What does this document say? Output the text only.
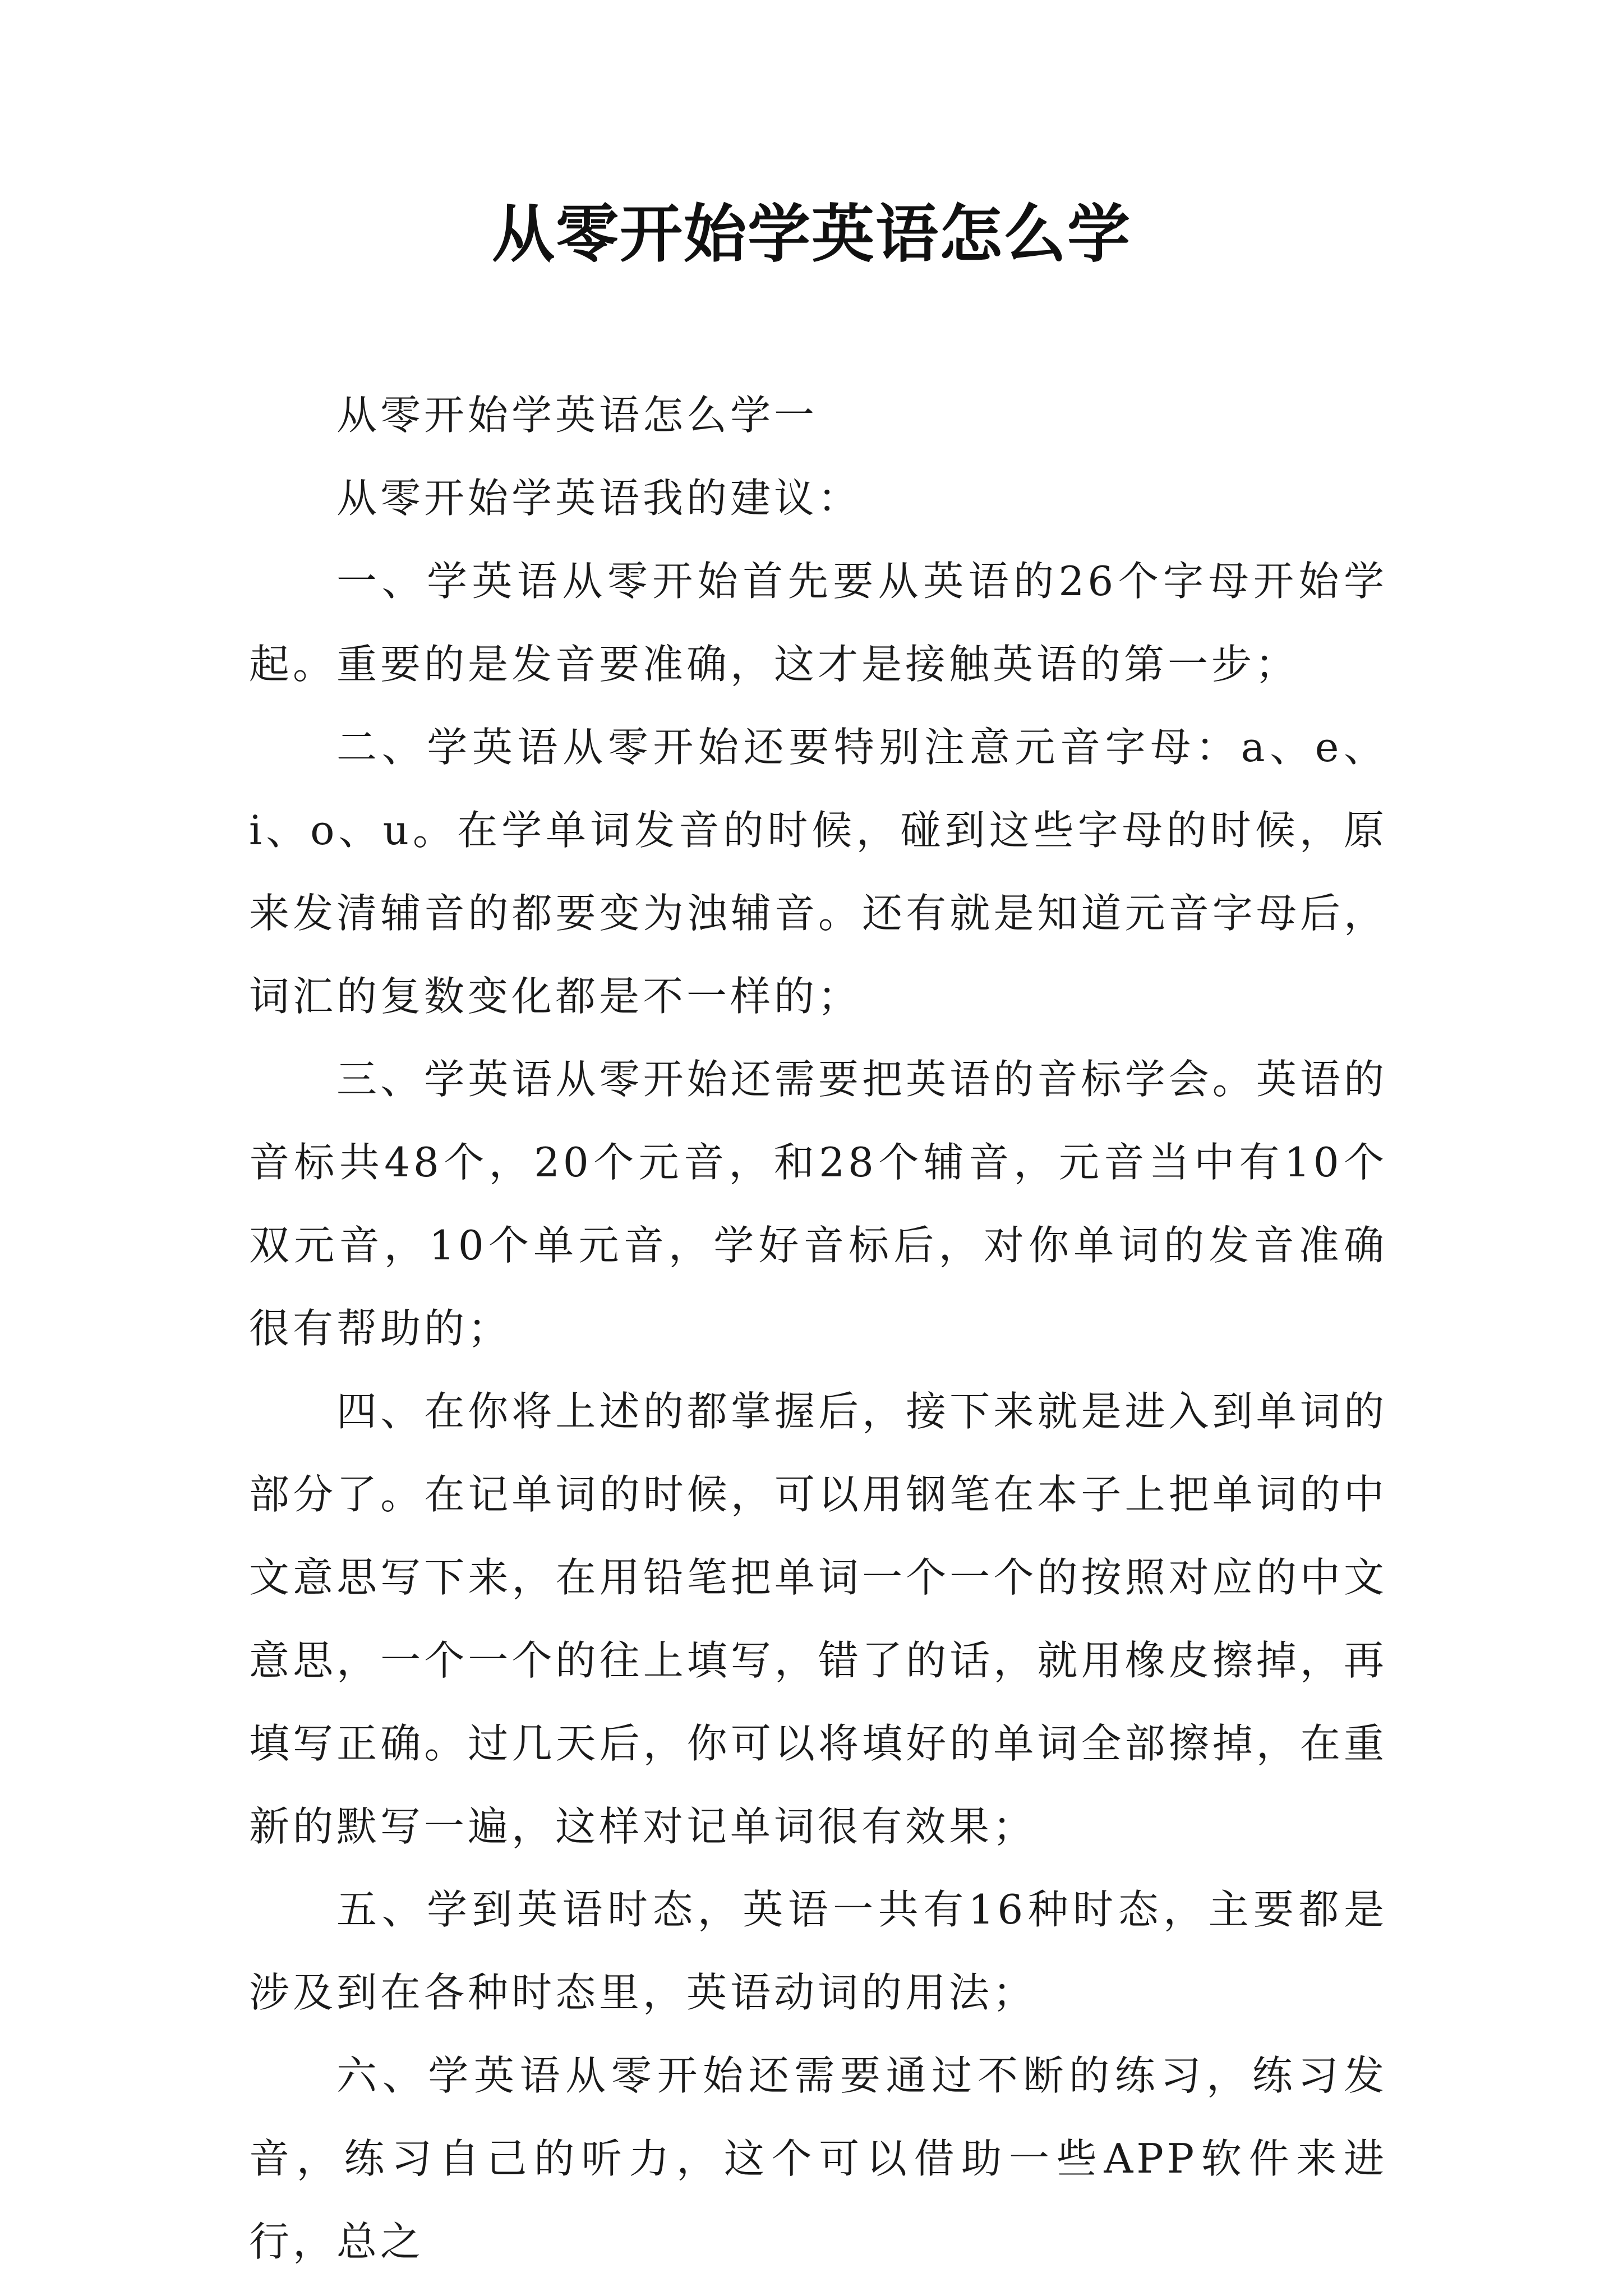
从零开始学英语怎么学

从零开始学英语怎么学一

从零开始学英语我的建议：

一、学英语从零开始首先要从英语的26个字母开始学起。重要的是发音要准确，这才是接触英语的第一步；

二、学英语从零开始还要特别注意元音字母：a、e、i、o、u。在学单词发音的时候，碰到这些字母的时候，原来发清辅音的都要变为浊辅音。还有就是知道元音字母后，词汇的复数变化都是不一样的；

三、学英语从零开始还需要把英语的音标学会。英语的音标共48个，20个元音，和28个辅音，元音当中有10个双元音，10个单元音，学好音标后，对你单词的发音准确很有帮助的；

四、在你将上述的都掌握后，接下来就是进入到单词的部分了。在记单词的时候，可以用钢笔在本子上把单词的中文意思写下来，在用铅笔把单词一个一个的按照对应的中文意思，一个一个的往上填写，错了的话，就用橡皮擦掉，再填写正确。过几天后，你可以将填好的单词全部擦掉，在重新的默写一遍，这样对记单词很有效果；

五、学到英语时态，英语一共有16种时态，主要都是涉及到在各种时态里，英语动词的用法；

六、学英语从零开始还需要通过不断的练习，练习发音，练习自己的听力，这个可以借助一些APP软件来进行，总之
